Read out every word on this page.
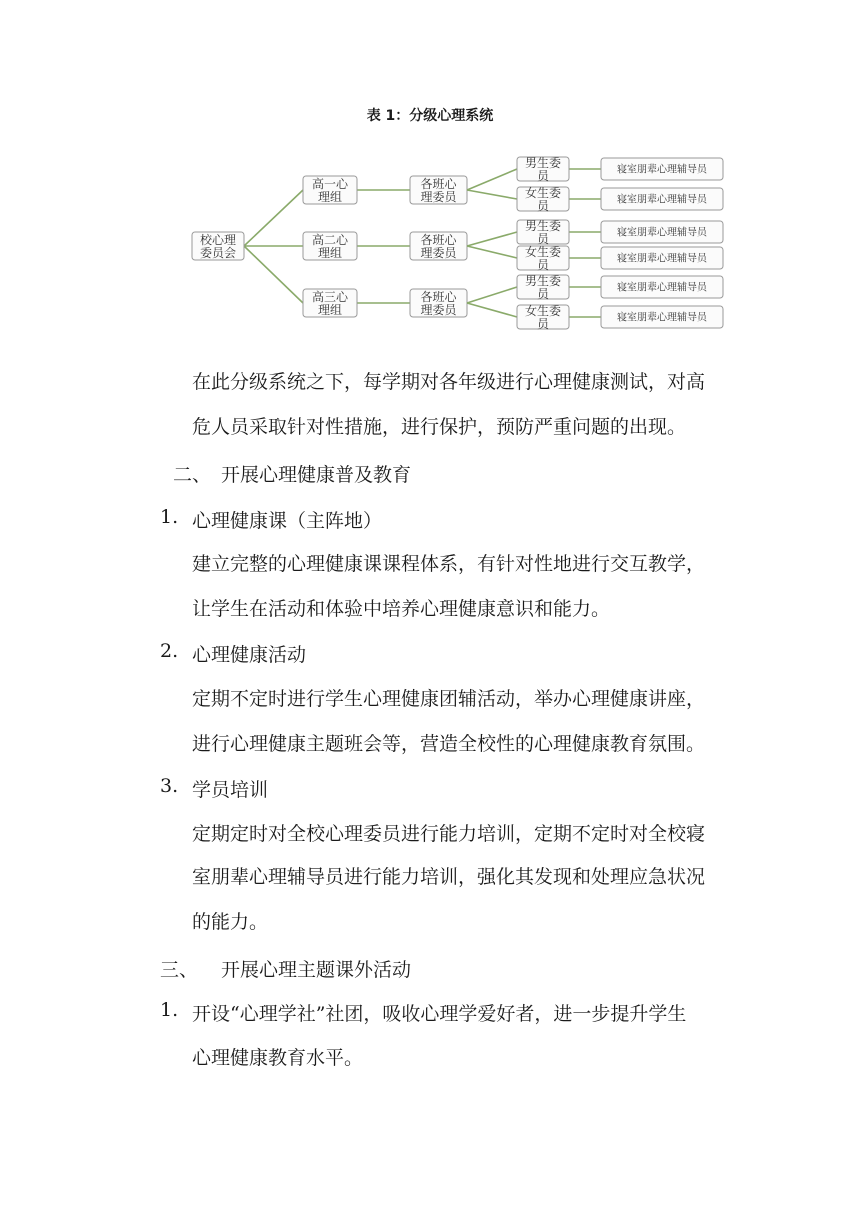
表 1：分级心理系统
高一心
理组
各班心
理委员
男生委
员	寝室朋辈心理辅导员
女生委
员	寝室朋辈心理辅导员
高二心
理组
各班心
理委员
男生委
员	寝室朋辈心理辅导员
女生委
员	寝室朋辈心理辅导员
高三心
理组
各班心
理委员
男生委
员	寝室朋辈心理辅导员
女生委
员	寝室朋辈心理辅导员
校心理
委员会
在此分级系统之下，每学期对各年级进行心理健康测试，对高
危人员采取针对性措施，进行保护，预防严重问题的出现。
二、 开展心理健康普及教育
1. 心理健康课（主阵地）
建立完整的心理健康课课程体系，有针对性地进行交互教学，
让学生在活动和体验中培养心理健康意识和能力。
2. 心理健康活动
定期不定时进行学生心理健康团辅活动，举办心理健康讲座，
进行心理健康主题班会等，营造全校性的心理健康教育氛围。
3. 学员培训
定期定时对全校心理委员进行能力培训，定期不定时对全校寝
室朋辈心理辅导员进行能力培训，强化其发现和处理应急状况
的能力。
三、 开展心理主题课外活动
1. 开设“心理学社”社团，吸收心理学爱好者，进一步提升学生
心理健康教育水平。
